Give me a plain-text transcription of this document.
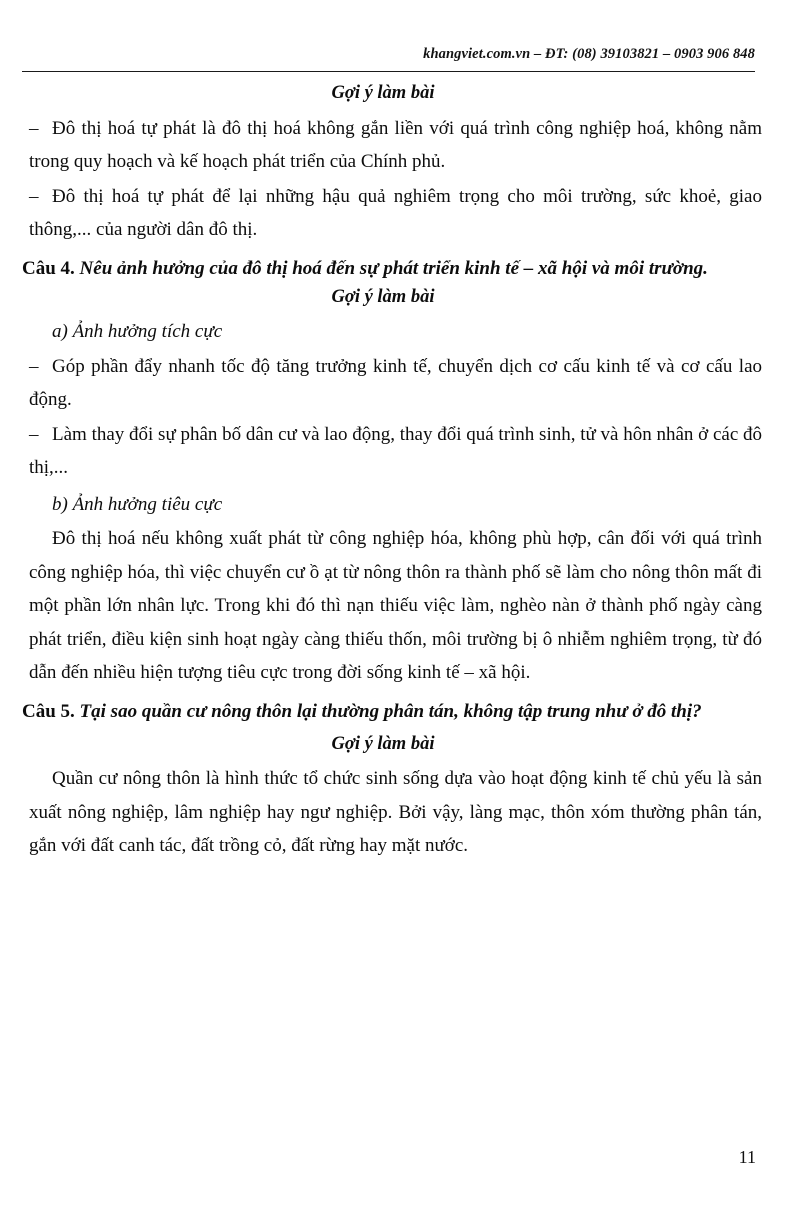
khangviet.com.vn – ĐT: (08) 39103821 – 0903 906 848
Gợi ý làm bài
– Đô thị hoá tự phát là đô thị hoá không gắn liền với quá trình công nghiệp hoá, không nằm trong quy hoạch và kế hoạch phát triển của Chính phủ.
– Đô thị hoá tự phát để lại những hậu quả nghiêm trọng cho môi trường, sức khoẻ, giao thông,... của người dân đô thị.
Câu 4. Nêu ảnh hưởng của đô thị hoá đến sự phát triển kinh tế – xã hội và môi trường.
Gợi ý làm bài
a) Ảnh hưởng tích cực
– Góp phần đẩy nhanh tốc độ tăng trưởng kinh tế, chuyển dịch cơ cấu kinh tế và cơ cấu lao động.
– Làm thay đổi sự phân bố dân cư và lao động, thay đổi quá trình sinh, tử và hôn nhân ở các đô thị,...
b) Ảnh hưởng tiêu cực
Đô thị hoá nếu không xuất phát từ công nghiệp hóa, không phù hợp, cân đối với quá trình công nghiệp hóa, thì việc chuyển cư ồ ạt từ nông thôn ra thành phố sẽ làm cho nông thôn mất đi một phần lớn nhân lực. Trong khi đó thì nạn thiếu việc làm, nghèo nàn ở thành phố ngày càng phát triển, điều kiện sinh hoạt ngày càng thiếu thốn, môi trường bị ô nhiễm nghiêm trọng, từ đó dẫn đến nhiều hiện tượng tiêu cực trong đời sống kinh tế – xã hội.
Câu 5. Tại sao quần cư nông thôn lại thường phân tán, không tập trung như ở đô thị?
Gợi ý làm bài
Quần cư nông thôn là hình thức tổ chức sinh sống dựa vào hoạt động kinh tế chủ yếu là sản xuất nông nghiệp, lâm nghiệp hay ngư nghiệp. Bởi vậy, làng mạc, thôn xóm thường phân tán, gắn với đất canh tác, đất trồng cỏ, đất rừng hay mặt nước.
11
